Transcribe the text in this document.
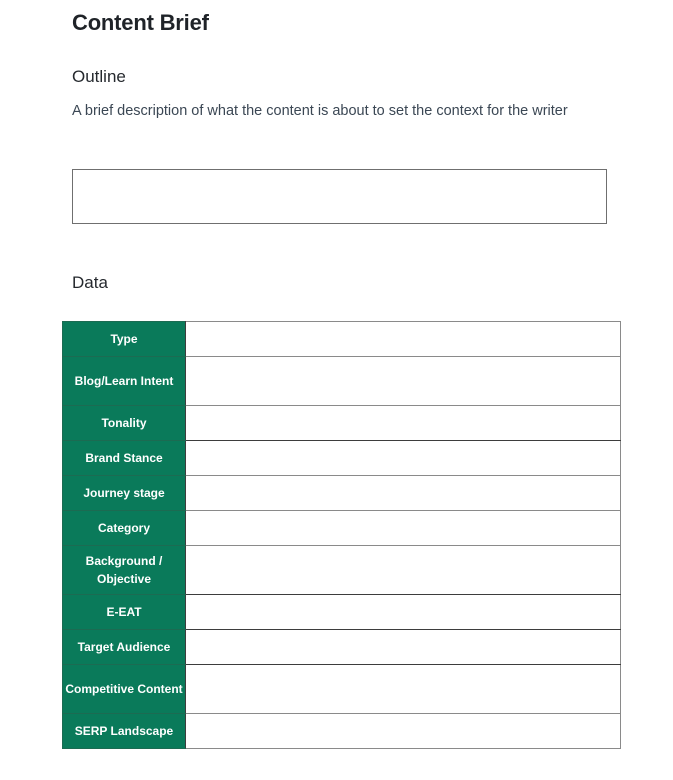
Content Brief
Outline
A brief description of what the content is about to set the context for the writer
Data
Type	
Blog/Learn Intent	
Tonality	
Brand Stance	
Journey stage	
Category	
Background / Objective	
E-EAT	
Target Audience	
Competitive Content	
SERP Landscape	
